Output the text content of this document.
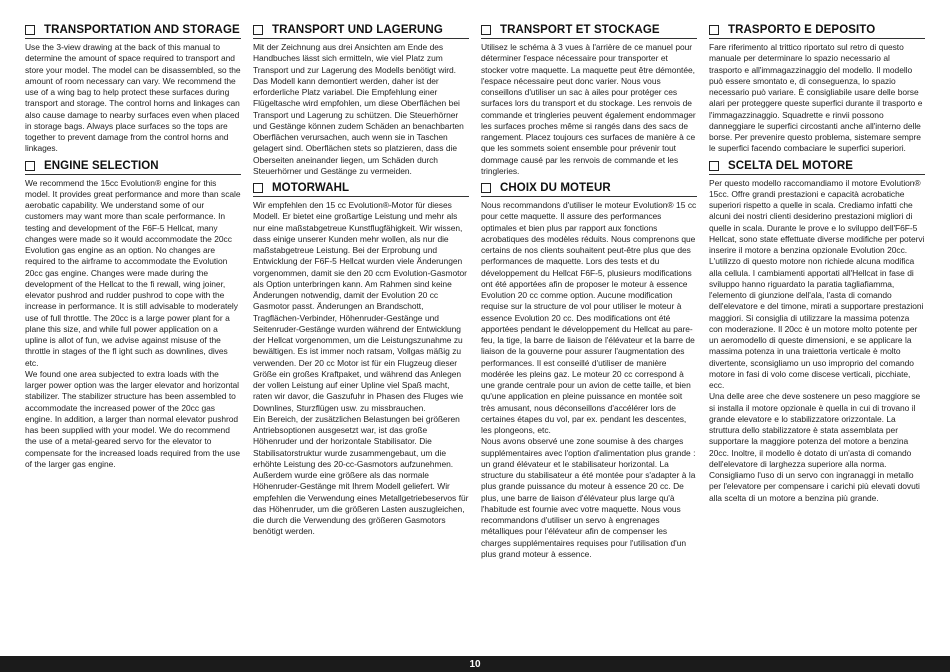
TRANSPORTATION AND STORAGE

Use the 3-view drawing at the back of this manual to determine the amount of space required to transport and store your model. The model can be disassembled, so the amount of room necessary can vary. We recommend the use of a wing bag to help protect these surfaces during transport and storage. The control horns and linkages can also cause damage to nearby surfaces even when placed in storage bags. Always place surfaces so the tops are together to prevent damage from the control horns and linkages.

ENGINE SELECTION

We recommend the 15cc Evolution® engine for this model. It provides great performance and more than scale aerobatic capability. We understand some of our customers may want more than scale performance. In testing and development of the F6F-5 Hellcat, many changes were made so it would accommodate the 20cc Evolution gas engine as an option. No changes are required to the airframe to accommodate the Evolution 20cc gas engine. Changes were made during the development of the Hellcat to the fi rewall, wing joiner, elevator pushrod and rudder pushrod to cope with the increase in performance. It is still advisable to moderately use of full throttle. The 20cc is a large power plant for a plane this size, and while full power application on a upline is allot of fun, we advise against misuse of the throttle in stages of the fl ight such as downlines, dives etc.

We found one area subjected to extra loads with the larger power option was the larger elevator and horizontal stabilizer. The stabilizer structure has been assembled to accommodate the increased power of the 20cc gas engine. In addition, a larger than normal elevator pushrod has been supplied with your model. We do recommend the use of a metal-geared servo for the elevator to compensate for the increased loads required from the use of the larger gas engine.

TRANSPORT UND LAGERUNG

Mit der Zeichnung aus drei Ansichten am Ende des Handbuches lässt sich ermitteln, wie viel Platz zum Transport und zur Lagerung des Modells benötigt wird. Das Modell kann demontiert werden, daher ist der erforderliche Platz variabel. Die Empfehlung einer Flügeltasche wird empfohlen, um diese Oberflächen bei Transport und Lagerung zu schützen. Die Steuerhörner und Gestänge können zudem Schäden an benachbarten Oberflächen verursachen, auch wenn sie in Taschen gelagert sind. Oberflächen stets so platzieren, dass die Oberseiten aneinander liegen, um Schäden durch Steuerhörner und Gestänge zu vermeiden.

MOTORWAHL

Wir empfehlen den 15 cc Evolution®-Motor für dieses Modell. Er bietet eine großartige Leistung und mehr als nur eine maßstabgetreue Kunstflugfähigkeit. Wir wissen, dass einige unserer Kunden mehr wollen, als nur die maßstabgetreue Leistung. Bei der Erprobung und Entwicklung der F6F-5 Hellcat wurden viele Änderungen vorgenommen, damit sie den 20 ccm Evolution-Gasmotor als Option unterbringen kann. Am Rahmen sind keine Änderungen notwendig, damit der Evolution 20 cc Gasmotor passt. Änderungen an Brandschott, Tragflächen-Verbinder, Höhenruder-Gestänge und Seitenruder-Gestänge wurden während der Entwicklung der Hellcat vorgenommen, um die Leistungszunahme zu bewältigen. Es ist immer noch ratsam, Vollgas mäßig zu verwenden. Der 20 cc Motor ist für ein Flugzeug dieser Größe ein großes Kraftpaket, und während das Anlegen der vollen Leistung auf einer Upline viel Spaß macht, raten wir davor, die Gaszufuhr in Phasen des Fluges wie Downlines, Sturzflügen usw. zu missbrauchen.

Ein Bereich, der zusätzlichen Belastungen bei größeren Antriebsoptionen ausgesetzt war, ist das große Höhenruder und der horizontale Stabilisator. Die Stabilisatorstruktur wurde zusammengebaut, um die erhöhte Leistung des 20-cc-Gasmotors aufzunehmen. Außerdem wurde eine größere als das normale Höhenruder-Gestänge mit Ihrem Modell geliefert. Wir empfehlen die Verwendung eines Metallgetriebeservos für das Höhenruder, um die größeren Lasten auszugleichen, die durch die Verwendung des größeren Gasmotors benötigt werden.

TRANSPORT ET STOCKAGE

Utilisez le schéma à 3 vues à l'arrière de ce manuel pour déterminer l'espace nécessaire pour transporter et stocker votre maquette. La maquette peut être démontée, l'espace nécessaire peut donc varier. Nous vous conseillons d'utiliser un sac à ailes pour protéger ces surfaces lors du transport et du stockage. Les renvois de commande et tringleries peuvent également endommager les surfaces proches même si rangés dans des sacs de rangement. Placez toujours ces surfaces de manière à ce que les sommets soient ensemble pour prévenir tout dommage causé par les renvois de commande et les tringleries.

CHOIX DU MOTEUR

Nous recommandons d'utiliser le moteur Evolution® 15 cc pour cette maquette. Il assure des performances optimales et bien plus par rapport aux fonctions acrobatiques des modèles réduits. Nous comprenons que certains de nos clients souhaitent peut-être plus que des performances de maquette. Lors des tests et du développement du Hellcat F6F-5, plusieurs modifications ont été apportées afin de proposer le moteur à essence Evolution 20 cc comme option. Aucune modification requise sur la structure de vol pour utiliser le moteur à essence Evolution 20 cc. Des modifications ont été apportées pendant le développement du Hellcat au pare-feu, la tige, la barre de liaison de l'élévateur et la barre de liaison de la gouverne pour assurer l'augmentation des performances. Il est conseillé d'utiliser de manière modérée les pleins gaz. Le moteur 20 cc correspond à une grande centrale pour un avion de cette taille, et bien qu'une application en pleine puissance en montée soit très amusant, nous déconseillons d'accélérer lors de certaines étapes du vol, par ex. pendant les descentes, les plongeons, etc.

Nous avons observé une zone soumise à des charges supplémentaires avec l'option d'alimentation plus grande : un grand élévateur et le stabilisateur horizontal. La structure du stabilisateur a été montée pour s'adapter à la plus grande puissance du moteur à essence 20 cc. De plus, une barre de liaison d'élévateur plus large qu'à l'habitude est fournie avec votre maquette. Nous vous recommandons d'utiliser un servo à engrenages métalliques pour l'élévateur afin de compenser les charges supplémentaires requises pour l'utilisation d'un plus grand moteur à essence.

TRASPORTO E DEPOSITO

Fare riferimento al trittico riportato sul retro di questo manuale per determinare lo spazio necessario al trasporto e all'immagazzinaggio del modello. Il modello può essere smontato e, di conseguenza, lo spazio necessario può variare. È consigliabile usare delle borse alari per proteggere queste superfici durante il trasporto e l'immagazzinaggio. Squadrette e rinvii possono danneggiare le superfici circostanti anche all'interno delle borse. Per prevenire questo problema, sistemare sempre le superfici facendo combaciare le superfici superiori.

SCELTA DEL MOTORE

Per questo modello raccomandiamo il motore Evolution® 15cc. Offre grandi prestazioni e capacità acrobatiche superiori rispetto a quelle in scala. Crediamo infatti che alcuni dei nostri clienti desiderino prestazioni migliori di quelle in scala. Durante le prove e lo sviluppo dell'F6F-5 Hellcat, sono state effettuate diverse modifiche per potervi inserire il motore a benzina opzionale Evolution 20cc. L'utilizzo di questo motore non richiede alcuna modifica alla cellula. I cambiamenti apportati all'Hellcat in fase di sviluppo hanno riguardato la paratia tagliafiamma, l'elemento di giunzione dell'ala, l'asta di comando dell'elevatore e del timone, mirati a supportare prestazioni maggiori. Si consiglia di utilizzare la massima potenza con moderazione. Il 20cc è un motore molto potente per un aeromodello di queste dimensioni, e se applicare la massima potenza in una traiettoria verticale è molto divertente, sconsigliamo un uso improprio del comando motore in fasi di volo come discese verticali, picchiate, ecc.

Una delle aree che deve sostenere un peso maggiore se si installa il motore opzionale è quella in cui di trovano il grande elevatore e lo stabilizzatore orizzontale. La struttura dello stabilizzatore è stata assemblata per supportare la maggiore potenza del motore a benzina 20cc. Inoltre, il modello è dotato di un'asta di comando dell'elevatore di larghezza superiore alla norma. Consigliamo l'uso di un servo con ingranaggi in metallo per l'elevatore per compensare i carichi più elevati dovuti alla scelta di un motore a benzina più grande.

10
